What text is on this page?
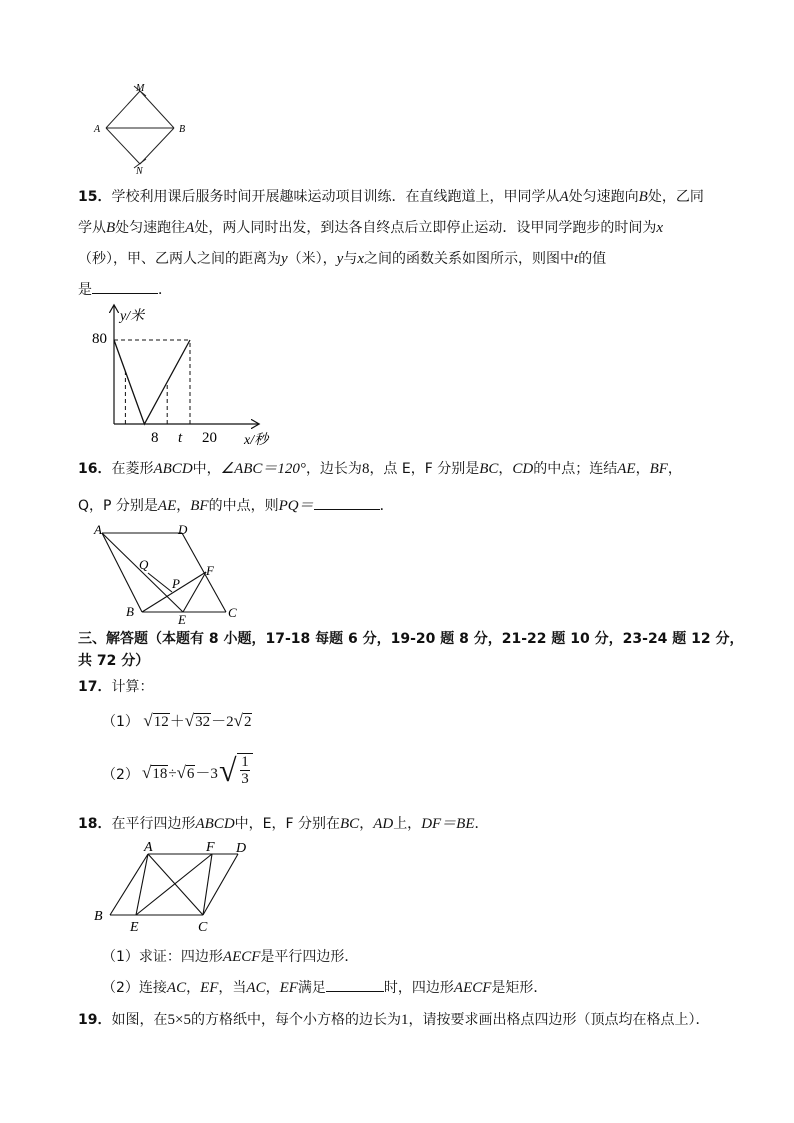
M
A	B
N
15．学校利用课后服务时间开展趣味运动项目训练．在直线跑道上，甲同学从A处匀速跑向B处，乙同
学从B处匀速跑往A处，两人同时出发，到达各自终点后立即停止运动．设甲同学跑步的时间为x
（秒），甲、乙两人之间的距离为y（米），y与x之间的函数关系如图所示，则图中t的值
是	．
y/米
x/秒
80
8 t 20
16．在菱形ABCD中，∠ABC＝120°，边长为8，点 E，F 分别是BC，CD的中点；连结AE，BF，
Q，P 分别是AE，BF的中点，则PQ＝	．
A	D
Q
P
F
B
E	C
三、解答题（本题有 8 小题，17-18 每题 6 分，19-20 题 8 分，21-22 题 10 分，23-24 题 12 分，
共 72 分）
17．计算：
（1） √12＋√32－2√2
（2） √18÷√6－3 √ 1
3
18．在平行四边形ABCD中，E，F 分别在BC，AD上，DF＝BE．
A	F D
B
E	C
（1）求证：四边形AECF是平行四边形．
（2）连接AC，EF，当AC，EF满足	时，四边形AECF是矩形．
19．如图，在5×5的方格纸中，每个小方格的边长为1，请按要求画出格点四边形（顶点均在格点上）．
